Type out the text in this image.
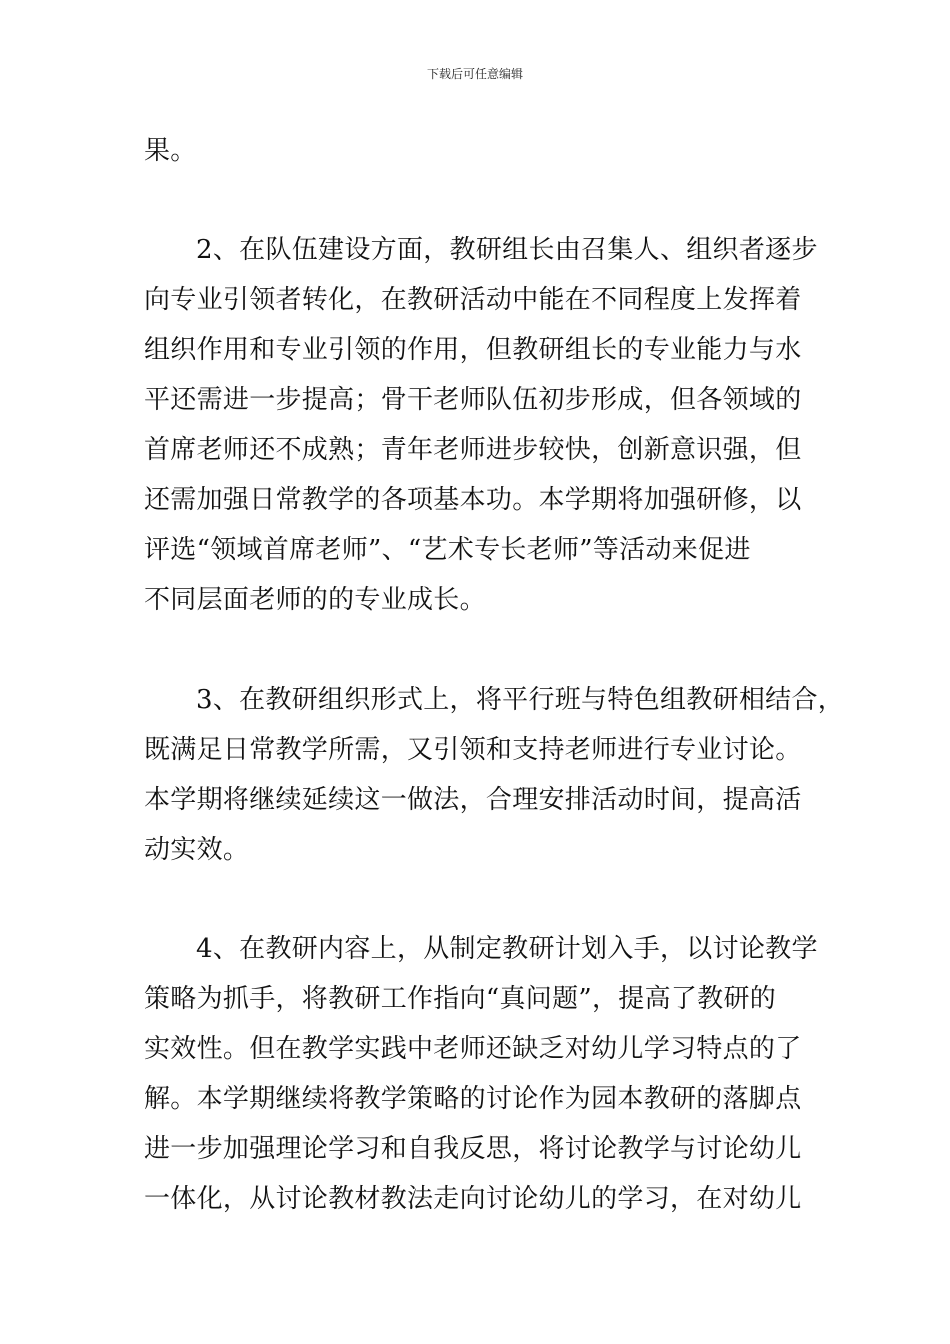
下载后可任意编辑
果。
2、在队伍建设方面，教研组长由召集人、组织者逐步
向专业引领者转化，在教研活动中能在不同程度上发挥着
组织作用和专业引领的作用，但教研组长的专业能力与水
平还需进一步提高；骨干老师队伍初步形成，但各领域的
首席老师还不成熟；青年老师进步较快，创新意识强，但
还需加强日常教学的各项基本功。本学期将加强研修，以
评选“领域首席老师”、“艺术专长老师”等活动来促进
不同层面老师的的专业成长。
3、在教研组织形式上，将平行班与特色组教研相结合，
既满足日常教学所需，又引领和支持老师进行专业讨论。
本学期将继续延续这一做法，合理安排活动时间，提高活
动实效。
4、在教研内容上，从制定教研计划入手，以讨论教学
策略为抓手，将教研工作指向“真问题”，提高了教研的
实效性。但在教学实践中老师还缺乏对幼儿学习特点的了
解。本学期继续将教学策略的讨论作为园本教研的落脚点
进一步加强理论学习和自我反思，将讨论教学与讨论幼儿
一体化，从讨论教材教法走向讨论幼儿的学习，在对幼儿
